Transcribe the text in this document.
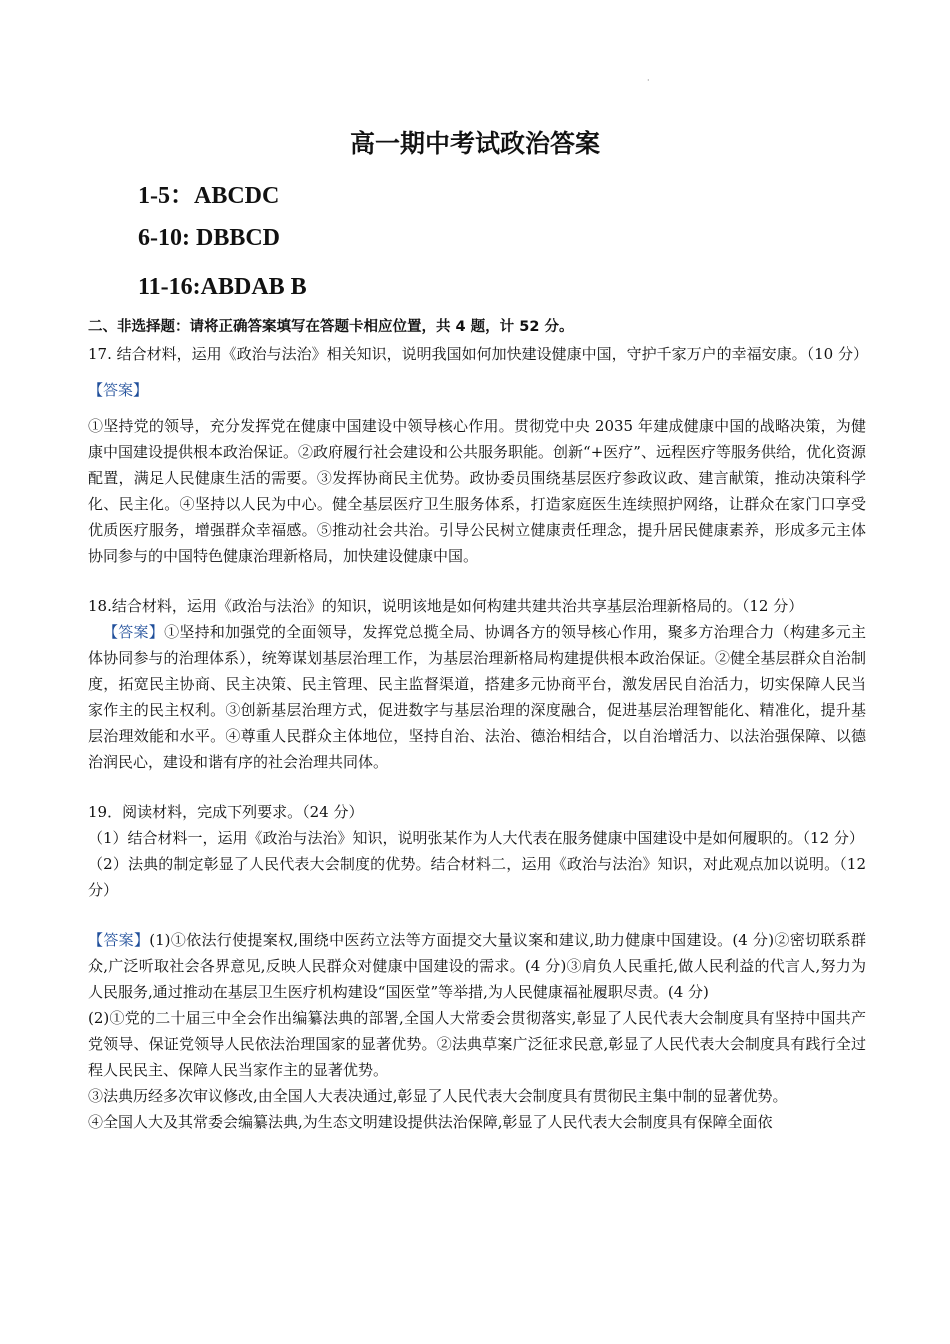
·
高一期中考试政治答案
1-5：ABCDC
6-10: DBBCD
11-16:ABDAB B

二、非选择题：请将正确答案填写在答题卡相应位置，共 4 题，计 52 分。

17. 结合材料，运用《政治与法治》相关知识，说明我国如何加快建设健康中国，守护千家万户的幸福安康。（10 分）

【答案】

①坚持党的领导，充分发挥党在健康中国建设中领导核心作用。贯彻党中央 2035 年建成健康中国的战略决策，为健康中国建设提供根本政治保证。②政府履行社会建设和公共服务职能。创新“+医疗”、远程医疗等服务供给，优化资源配置，满足人民健康生活的需要。③发挥协商民主优势。政协委员围绕基层医疗参政议政、建言献策，推动决策科学化、民主化。④坚持以人民为中心。健全基层医疗卫生服务体系，打造家庭医生连续照护网络，让群众在家门口享受优质医疗服务，增强群众幸福感。⑤推动社会共治。引导公民树立健康责任理念，提升居民健康素养，形成多元主体协同参与的中国特色健康治理新格局，加快建设健康中国。

18.结合材料，运用《政治与法治》的知识，说明该地是如何构建共建共治共享基层治理新格局的。（12 分）

【答案】①坚持和加强党的全面领导，发挥党总揽全局、协调各方的领导核心作用，聚多方治理合力（构建多元主体协同参与的治理体系），统筹谋划基层治理工作，为基层治理新格局构建提供根本政治保证。②健全基层群众自治制度，拓宽民主协商、民主决策、民主管理、民主监督渠道，搭建多元协商平台，激发居民自治活力，切实保障人民当家作主的民主权利。③创新基层治理方式，促进数字与基层治理的深度融合，促进基层治理智能化、精准化，提升基层治理效能和水平。④尊重人民群众主体地位，坚持自治、法治、德治相结合，以自治增活力、以法治强保障、以德治润民心，建设和谐有序的社会治理共同体。

19．阅读材料，完成下列要求。（24 分）

（1）结合材料一，运用《政治与法治》知识，说明张某作为人大代表在服务健康中国建设中是如何履职的。（12 分）

（2）法典的制定彰显了人民代表大会制度的优势。结合材料二，运用《政治与法治》知识，对此观点加以说明。（12 分）

【答案】(1)①依法行使提案权,围绕中医药立法等方面提交大量议案和建议,助力健康中国建设。(4 分)②密切联系群众,广泛听取社会各界意见,反映人民群众对健康中国建设的需求。(4 分)③肩负人民重托,做人民利益的代言人,努力为人民服务,通过推动在基层卫生医疗机构建设“国医堂”等举措,为人民健康福祉履职尽责。(4 分)

(2)①党的二十届三中全会作出编纂法典的部署,全国人大常委会贯彻落实,彰显了人民代表大会制度具有坚持中国共产党领导、保证党领导人民依法治理国家的显著优势。②法典草案广泛征求民意,彰显了人民代表大会制度具有践行全过程人民民主、保障人民当家作主的显著优势。

③法典历经多次审议修改,由全国人大表决通过,彰显了人民代表大会制度具有贯彻民主集中制的显著优势。

④全国人大及其常委会编纂法典,为生态文明建设提供法治保障,彰显了人民代表大会制度具有保障全面依
